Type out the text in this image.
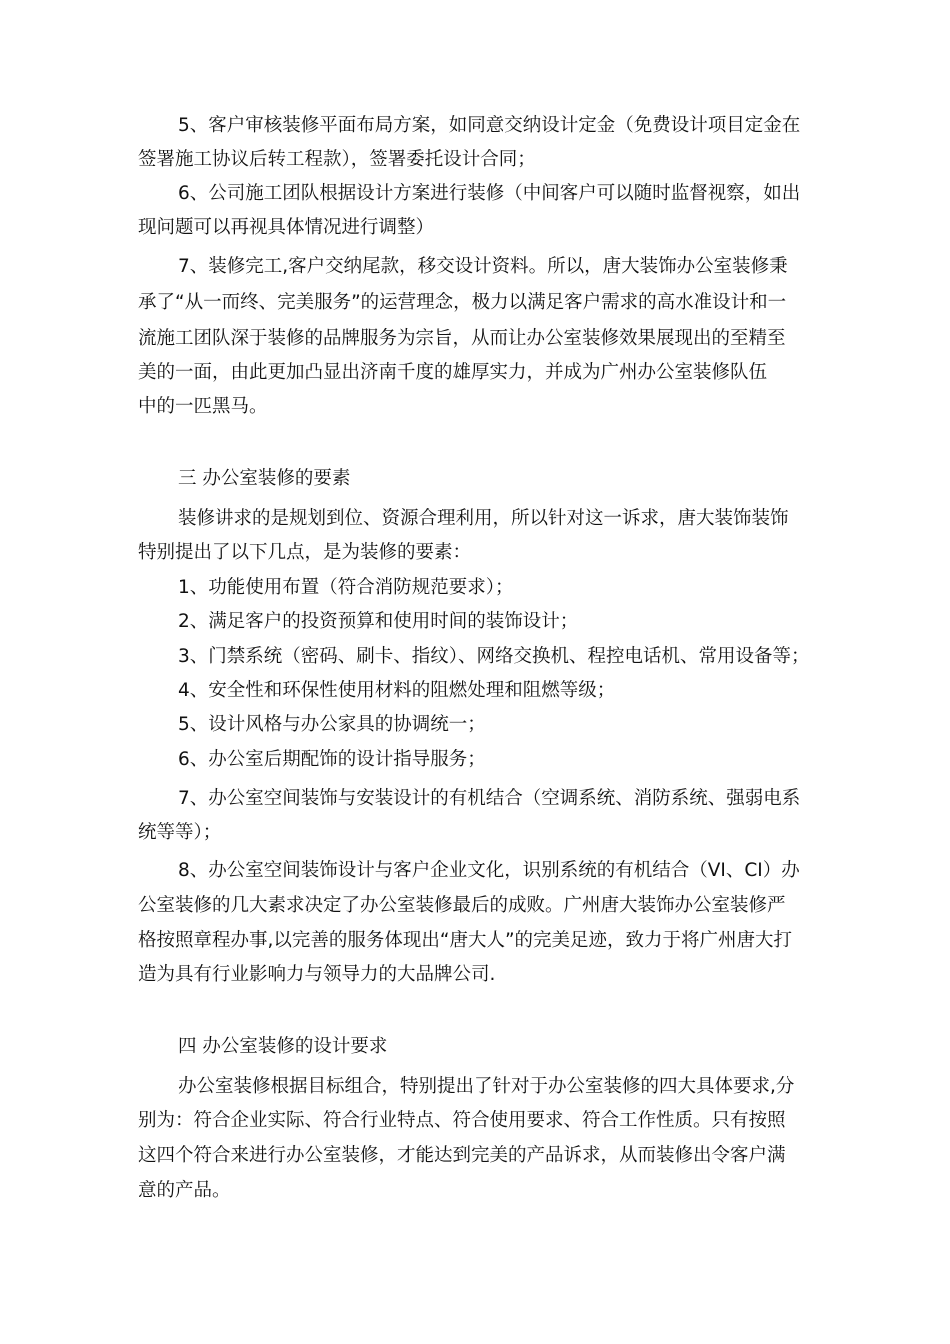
5、客户审核装修平面布局方案，如同意交纳设计定金（免费设计项目定金在

签署施工协议后转工程款），签署委托设计合同；

6、公司施工团队根据设计方案进行装修（中间客户可以随时监督视察，如出

现问题可以再视具体情况进行调整）

7、装修完工,客户交纳尾款，移交设计资料。所以，唐大装饰办公室装修秉

承了“从一而终、完美服务”的运营理念，极力以满足客户需求的高水准设计和一

流施工团队深于装修的品牌服务为宗旨，从而让办公室装修效果展现出的至精至

美的一面，由此更加凸显出济南千度的雄厚实力，并成为广州办公室装修队伍

中的一匹黑马。

三 办公室装修的要素

装修讲求的是规划到位、资源合理利用，所以针对这一诉求，唐大装饰装饰

特别提出了以下几点，是为装修的要素：

1、功能使用布置（符合消防规范要求）；

2、满足客户的投资预算和使用时间的装饰设计；

3、门禁系统（密码、刷卡、指纹）、网络交换机、程控电话机、常用设备等；

4、安全性和环保性使用材料的阻燃处理和阻燃等级；

5、设计风格与办公家具的协调统一；

6、办公室后期配饰的设计指导服务；

7、办公室空间装饰与安装设计的有机结合（空调系统、消防系统、强弱电系

统等等）；

8、办公室空间装饰设计与客户企业文化，识别系统的有机结合（VI、CI）办

公室装修的几大素求决定了办公室装修最后的成败。广州唐大装饰办公室装修严

格按照章程办事,以完善的服务体现出“唐大人”的完美足迹，致力于将广州唐大打

造为具有行业影响力与领导力的大品牌公司.

四 办公室装修的设计要求

办公室装修根据目标组合，特别提出了针对于办公室装修的四大具体要求,分

别为：符合企业实际、符合行业特点、符合使用要求、符合工作性质。只有按照

这四个符合来进行办公室装修，才能达到完美的产品诉求，从而装修出令客户满

意的产品。
